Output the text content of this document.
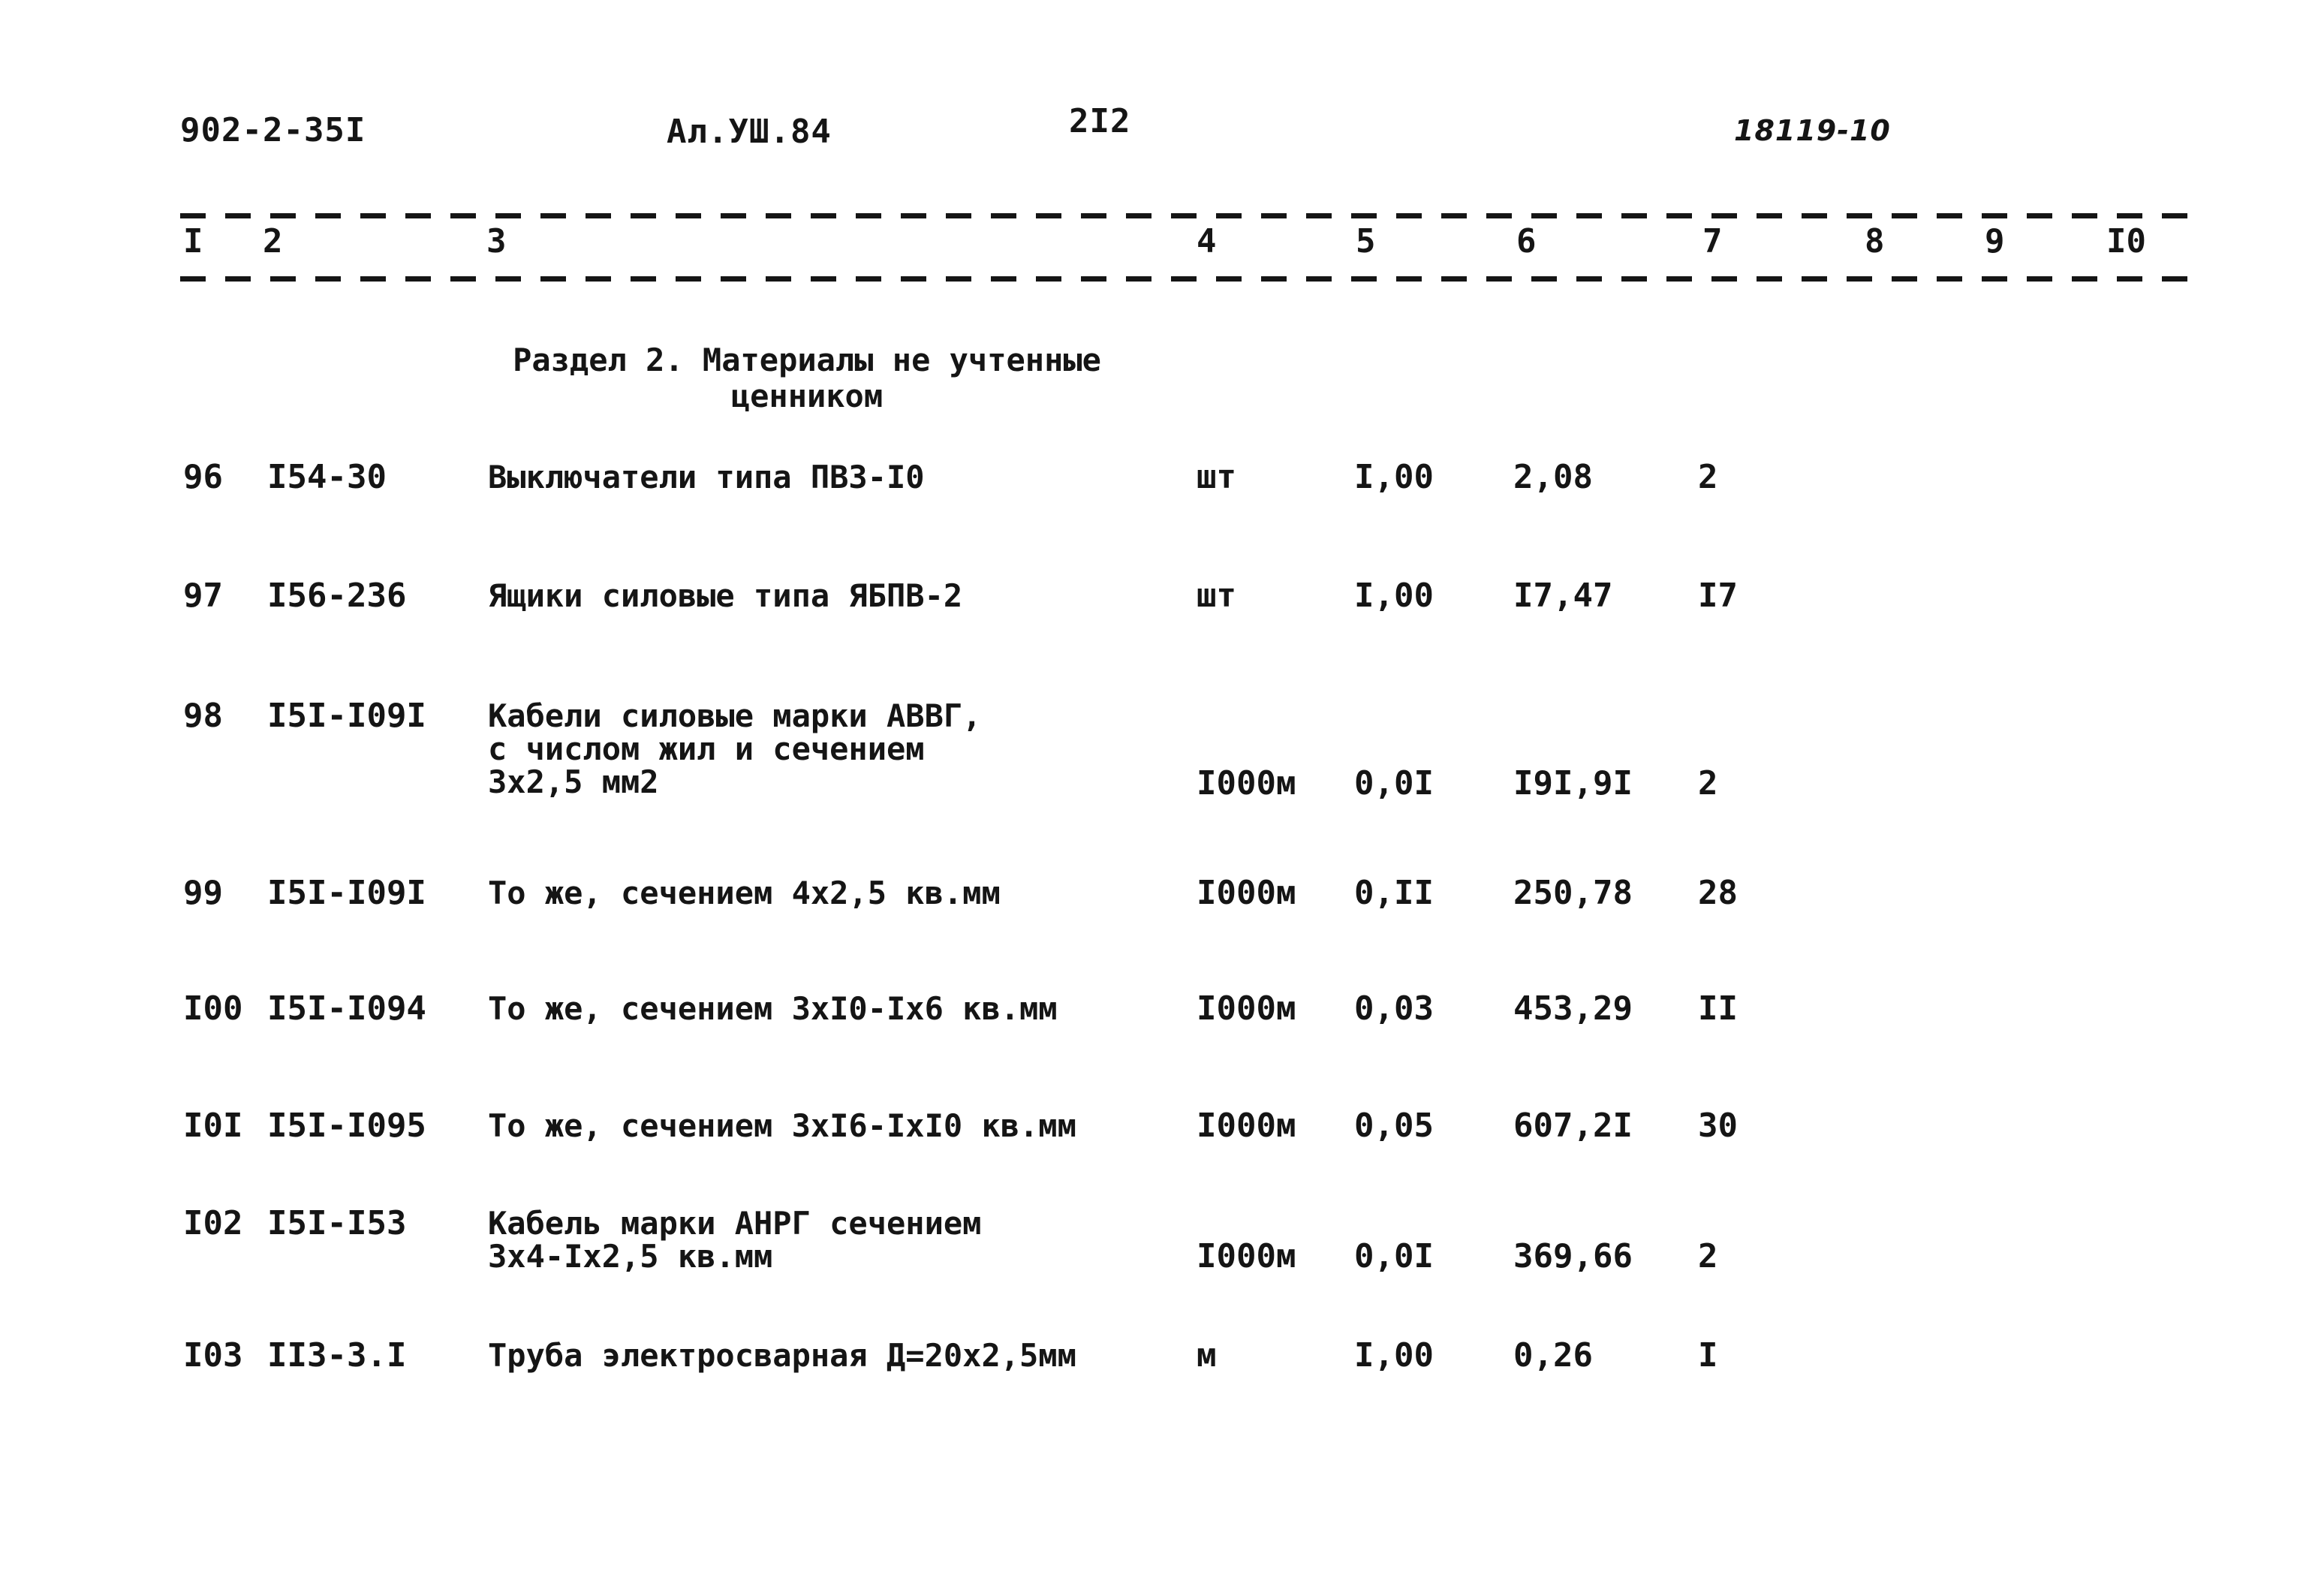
902-2-35I	Ал.УШ.84	2I2	18119-10
I 2	3	4	5	6	7	8	9	I0
Раздел 2. Материалы не учтенные ценником
96 I54-30	Выключатели типа ПВЗ-I0	шт	I,00 2,08	2
97 I56-236	Ящики силовые типа ЯБПВ-2	шт	I,00 I7,47	I7
98 I5I-I09I Кабели силовые марки АВВГ,
с числом жил и сечением
3х2,5 мм2	I000м 0,0I I9I,9I 2
99 I5I-I09I То же, сечением 4х2,5 кв.мм	I000м 0,II 250,78 28
I00 I5I-I094 То же, сечением 3хI0-Iх6 кв.мм	I000м 0,03 453,29 II
I0I I5I-I095 То же, сечением 3хI6-IхI0 кв.мм	I000м 0,05 607,2I 30
I02 I5I-I53	Кабель марки АНРГ сечением
3х4-Iх2,5 кв.мм	I000м 0,0I 369,66 2
I03 II3-3.I	Труба электросварная Д=20х2,5мм	м	I,00 0,26	I
